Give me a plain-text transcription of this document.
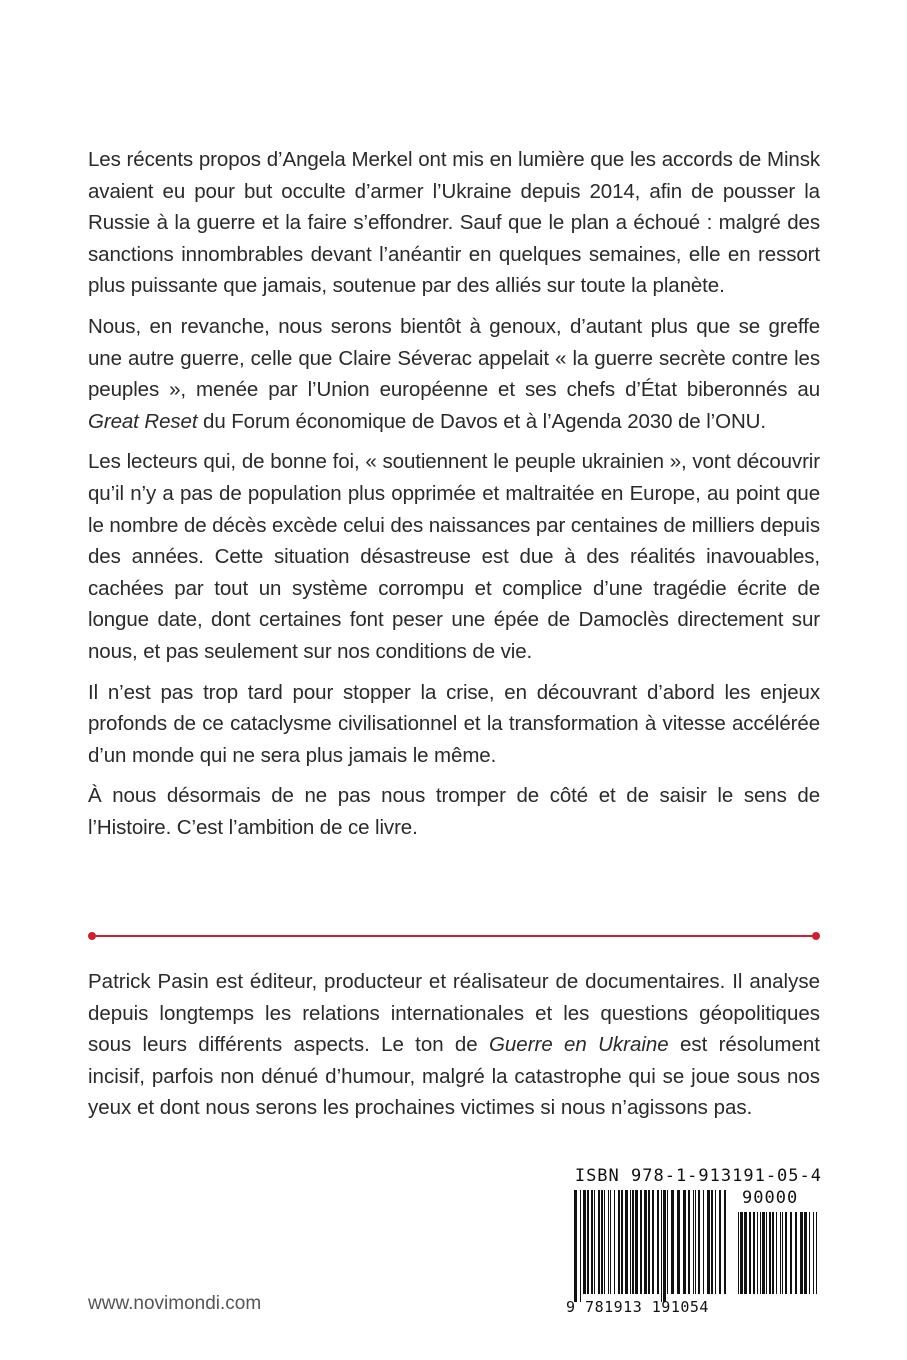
Les récents propos d’Angela Merkel ont mis en lumière que les accords de Minsk avaient eu pour but occulte d’armer l’Ukraine depuis 2014, afin de pousser la Russie à la guerre et la faire s’effondrer. Sauf que le plan a échoué : malgré des sanctions innombrables devant l’anéantir en quelques semaines, elle en ressort plus puissante que jamais, soutenue par des alliés sur toute la planète.

Nous, en revanche, nous serons bientôt à genoux, d’autant plus que se greffe une autre guerre, celle que Claire Séverac appelait « la guerre secrète contre les peuples », menée par l’Union européenne et ses chefs d’État biberonnés au Great Reset du Forum économique de Davos et à l’Agenda 2030 de l’ONU.

Les lecteurs qui, de bonne foi, « soutiennent le peuple ukrainien », vont découvrir qu’il n’y a pas de population plus opprimée et maltraitée en Europe, au point que le nombre de décès excède celui des naissances par centaines de milliers depuis des années. Cette situation désastreuse est due à des réalités inavouables, cachées par tout un système corrompu et complice d’une tragédie écrite de longue date, dont certaines font peser une épée de Damoclès directement sur nous, et pas seulement sur nos conditions de vie.

Il n’est pas trop tard pour stopper la crise, en découvrant d’abord les enjeux profonds de ce cataclysme civilisationnel et la transformation à vitesse accélérée d’un monde qui ne sera plus jamais le même.

À nous désormais de ne pas nous tromper de côté et de saisir le sens de l’Histoire. C’est l’ambition de ce livre.

Patrick Pasin est éditeur, producteur et réalisateur de documentaires. Il analyse depuis longtemps les relations internationales et les questions géopolitiques sous leurs différents aspects. Le ton de Guerre en Ukraine est résolument incisif, parfois non dénué d’humour, malgré la catastrophe qui se joue sous nos yeux et dont nous serons les prochaines victimes si nous n’agissons pas.

ISBN 978-1-913191-05-4
90000
9 781913 191054
www.novimondi.com
